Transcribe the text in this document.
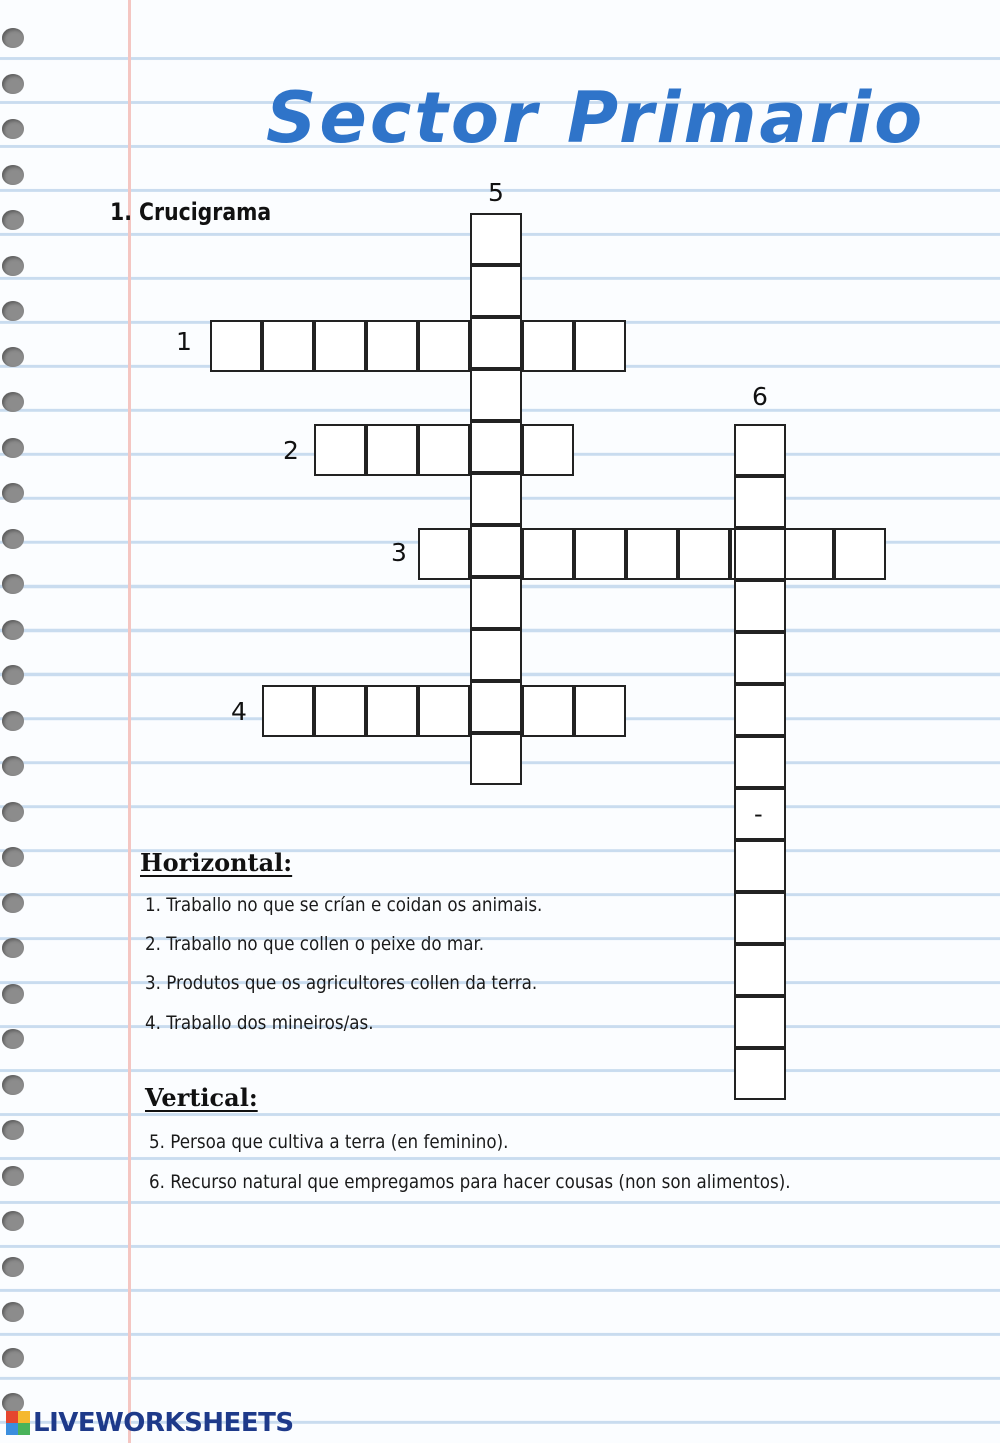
Sector Primario
1. Crucigrama
1
2
3
4
5
6
-
Horizontal:
1. Traballo no que se crían e coidan os animais.
2. Traballo no que collen o peixe do mar.
3. Produtos que os agricultores collen da terra.
4. Traballo dos mineiros/as.
Vertical:
5. Persoa que cultiva a terra (en feminino).
6. Recurso natural que empregamos para hacer cousas (non son alimentos).
LIVEWORKSHEETS
